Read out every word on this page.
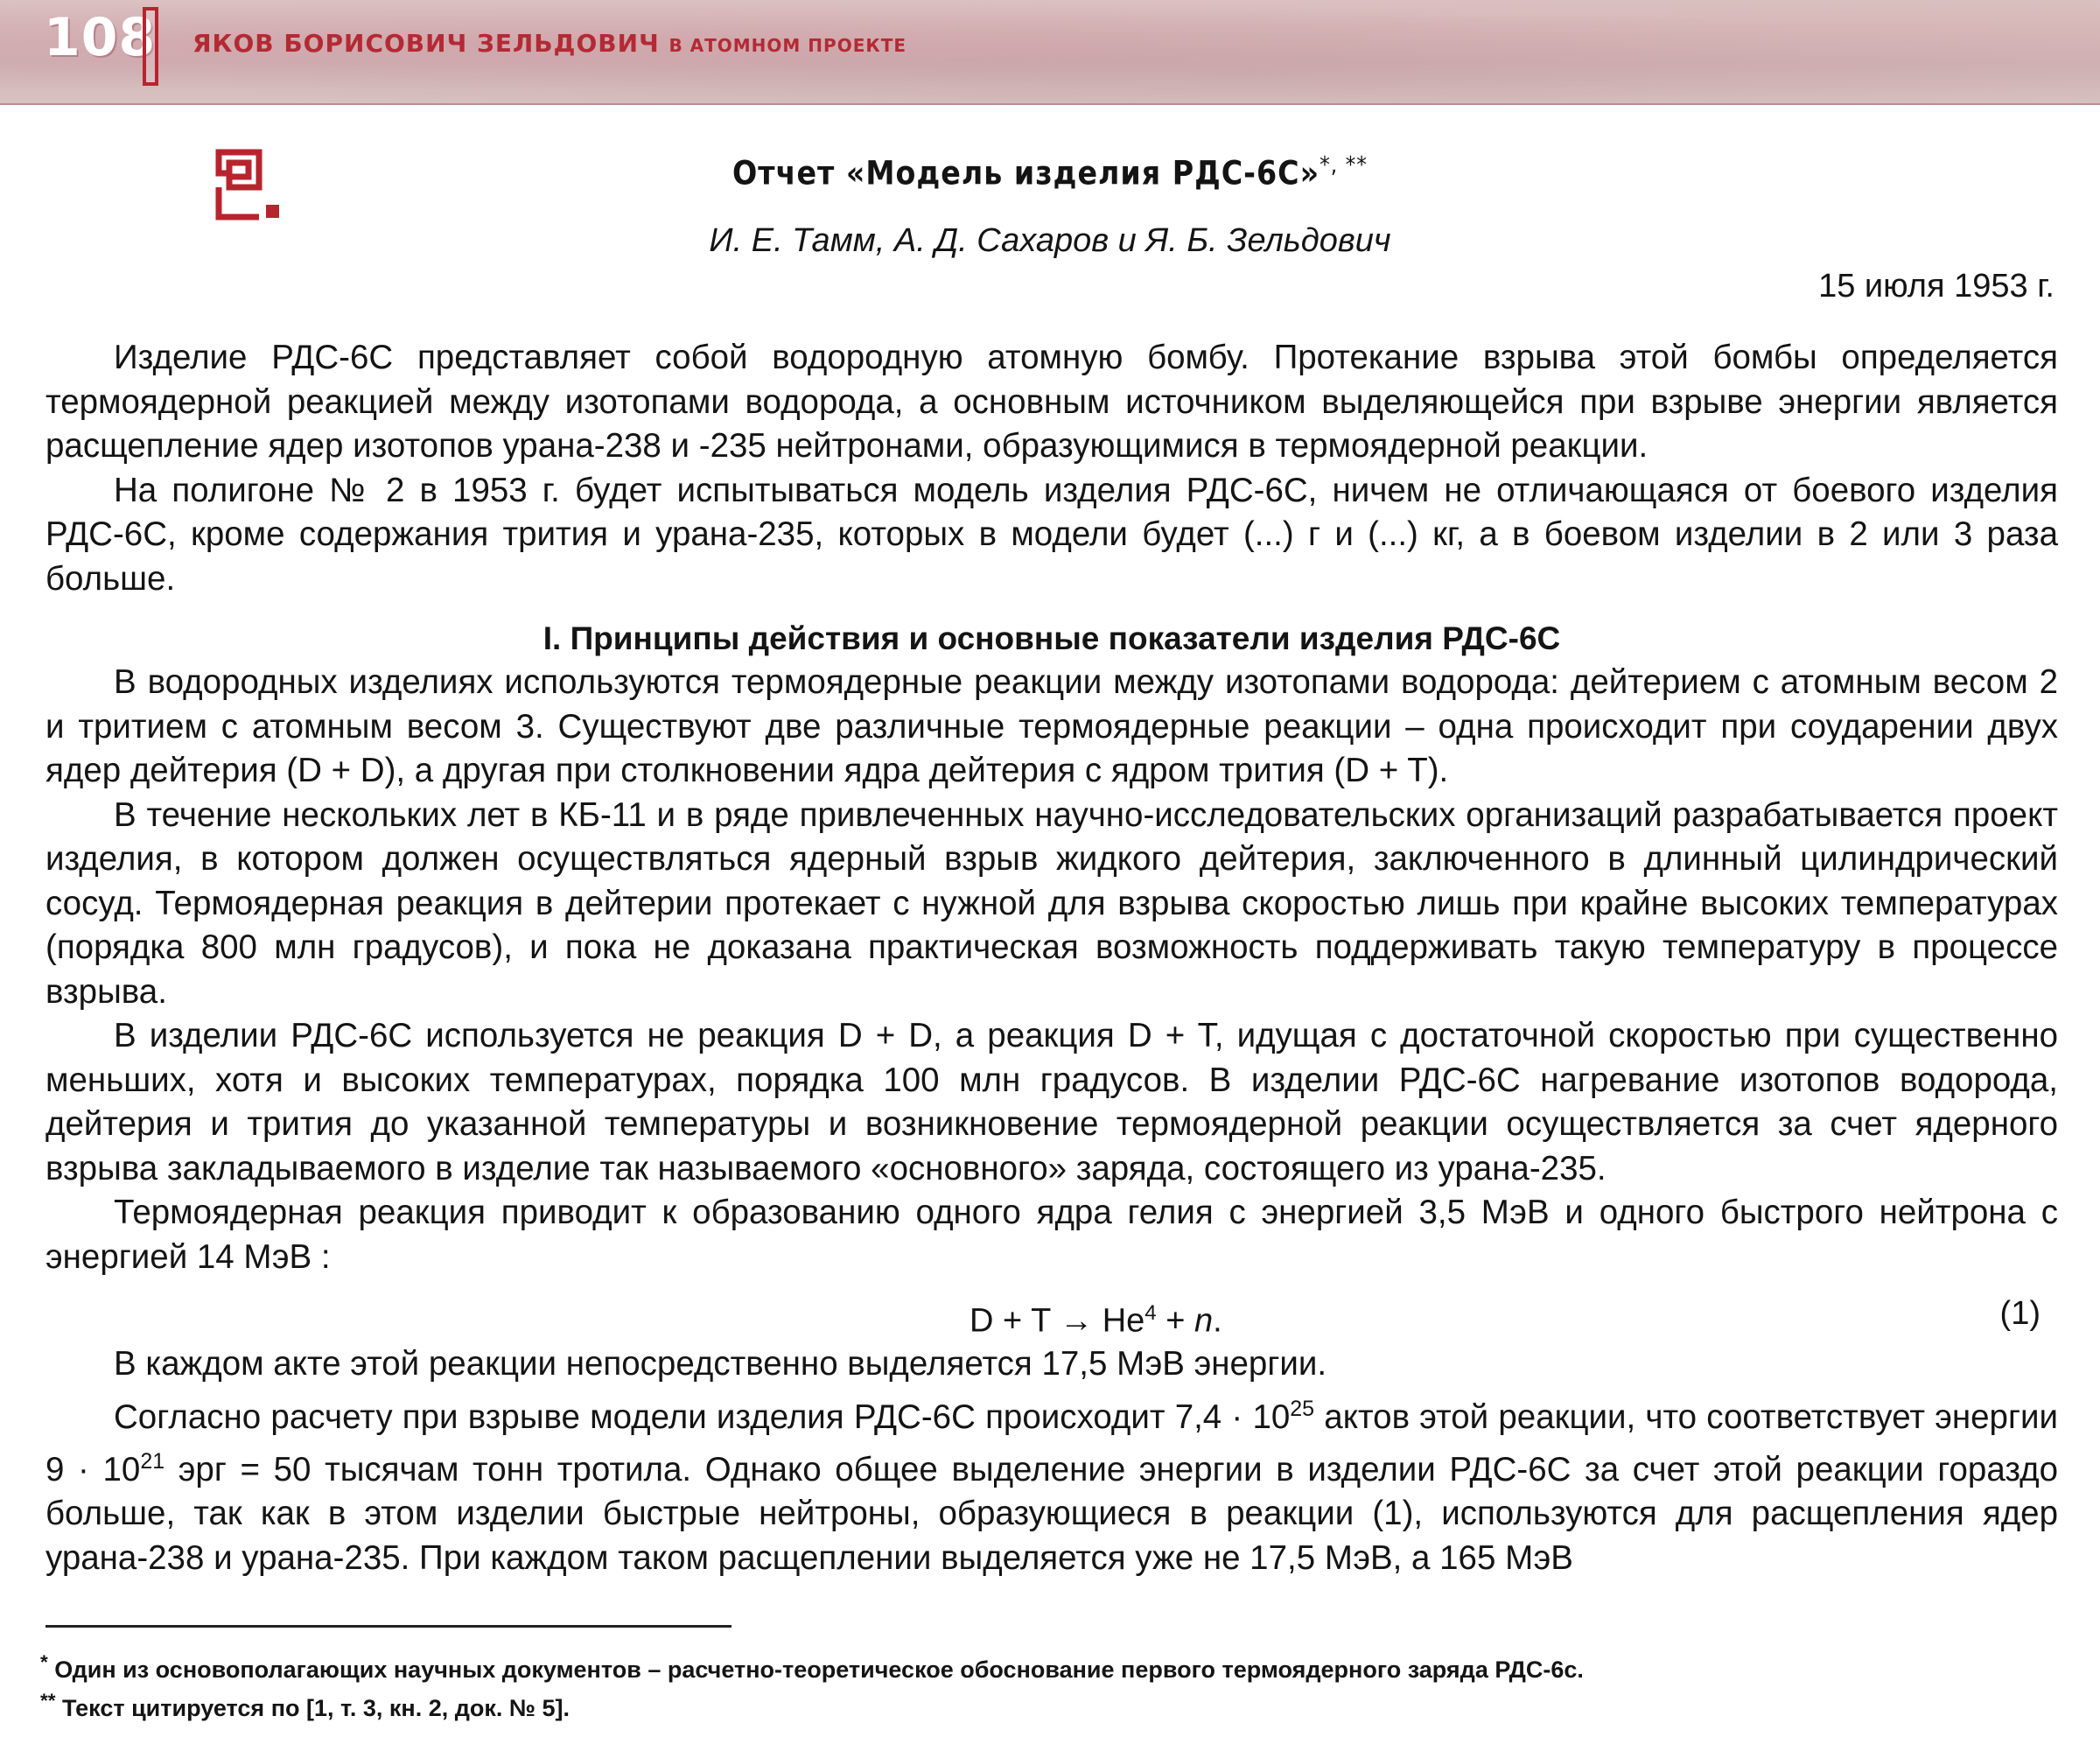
108 ЯКОВ БОРИСОВИЧ ЗЕЛЬДОВИЧ В АТОМНОМ ПРОЕКТЕ
Отчет «Модель изделия РДС-6С»*, **
И. Е. Тамм, А. Д. Сахаров и Я. Б. Зельдович
15 июля 1953 г.

Изделие РДС-6С представляет собой водородную атомную бомбу. Протекание взрыва этой бомбы определяется термоядерной реакцией между изотопами водорода, а основным источником выделяющейся при взрыве энергии является расщепление ядер изотопов урана-238 и -235 нейтронами, образующимися в термоядерной реакции.

На полигоне № 2 в 1953 г. будет испытываться модель изделия РДС-6С, ничем не отличающаяся от боевого изделия РДС-6С, кроме содержания трития и урана-235, которых в модели будет (...) г и (...) кг, а в боевом изделии в 2 или 3 раза больше.

I. Принципы действия и основные показатели изделия РДС-6С

В водородных изделиях используются термоядерные реакции между изотопами водорода: дейтерием с атомным весом 2 и тритием с атомным весом 3. Существуют две различные термоядерные реакции – одна происходит при соударении двух ядер дейтерия (D + D), а другая при столкновении ядра дейтерия с ядром трития (D + T).

В течение нескольких лет в КБ-11 и в ряде привлеченных научно-исследовательских организаций разрабатывается проект изделия, в котором должен осуществляться ядерный взрыв жидкого дейтерия, заключенного в длинный цилиндрический сосуд. Термоядерная реакция в дейтерии протекает с нужной для взрыва скоростью лишь при крайне высоких температурах (порядка 800 млн градусов), и пока не доказана практическая возможность поддерживать такую температуру в процессе взрыва.

В изделии РДС-6С используется не реакция D + D, а реакция D + T, идущая с достаточной скоростью при существенно меньших, хотя и высоких температурах, порядка 100 млн градусов. В изделии РДС-6С нагревание изотопов водорода, дейтерия и трития до указанной температуры и возникновение термоядерной реакции осуществляется за счет ядерного взрыва закладываемого в изделие так называемого «основного» заряда, состоящего из урана-235.

Термоядерная реакция приводит к образованию одного ядра гелия с энергией 3,5 МэВ и одного быстрого нейтрона с энергией 14 МэВ :

$D + T \to He^4 + n$.	(1)

В каждом акте этой реакции непосредственно выделяется 17,5 МэВ энергии.

Согласно расчету при взрыве модели изделия РДС-6С происходит $7,4 \cdot 10^{25}$ актов этой реакции, что соответствует энергии $9 \cdot 10^{21}$ эрг = 50 тысячам тонн тротила. Однако общее выделение энергии в изделии РДС-6С за счет этой реакции гораздо больше, так как в этом изделии быстрые нейтроны, образующиеся в реакции (1), используются для расщепления ядер урана-238 и урана-235. При каждом таком расщеплении выделяется уже не 17,5 МэВ, а 165 МэВ

* Один из основополагающих научных документов – расчетно-теоретическое обоснование первого термоядерного заряда РДС-6с.
** Текст цитируется по [1, т. 3, кн. 2, док. № 5].
